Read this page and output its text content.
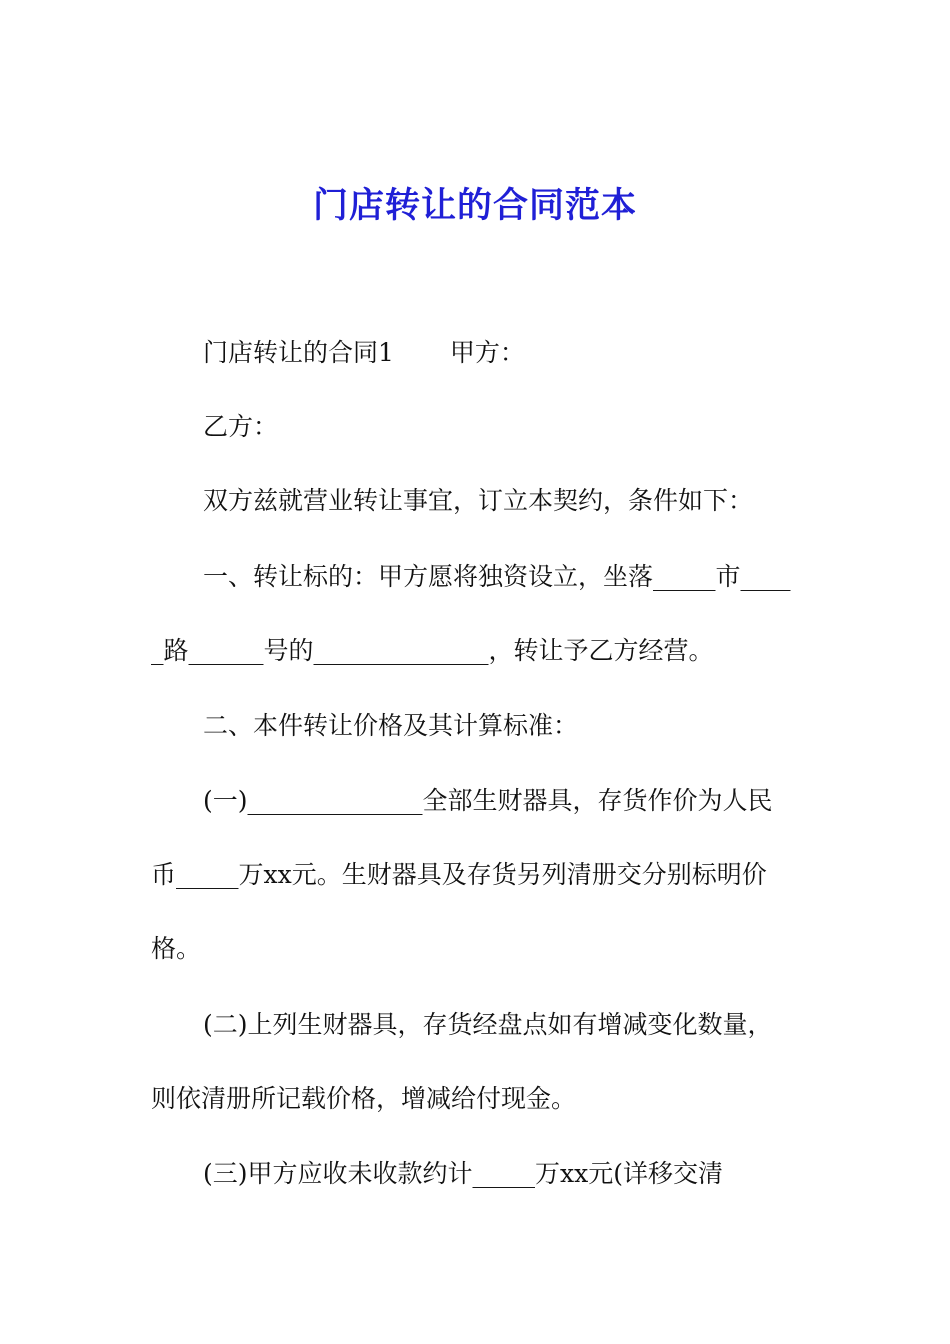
门店转让的合同范本
门店转让的合同1 甲方：
乙方：
双方兹就营业转让事宜，订立本契约，条件如下：
一、转让标的：甲方愿将独资设立，坐落_____市____
_路______号的______________，转让予乙方经营。
二、本件转让价格及其计算标准：
(一)______________全部生财器具，存货作价为人民
币_____万xx元。生财器具及存货另列清册交分别标明价
格。
(二)上列生财器具，存货经盘点如有增减变化数量，
则依清册所记载价格，增减给付现金。
(三)甲方应收未收款约计_____万xx元(详移交清
